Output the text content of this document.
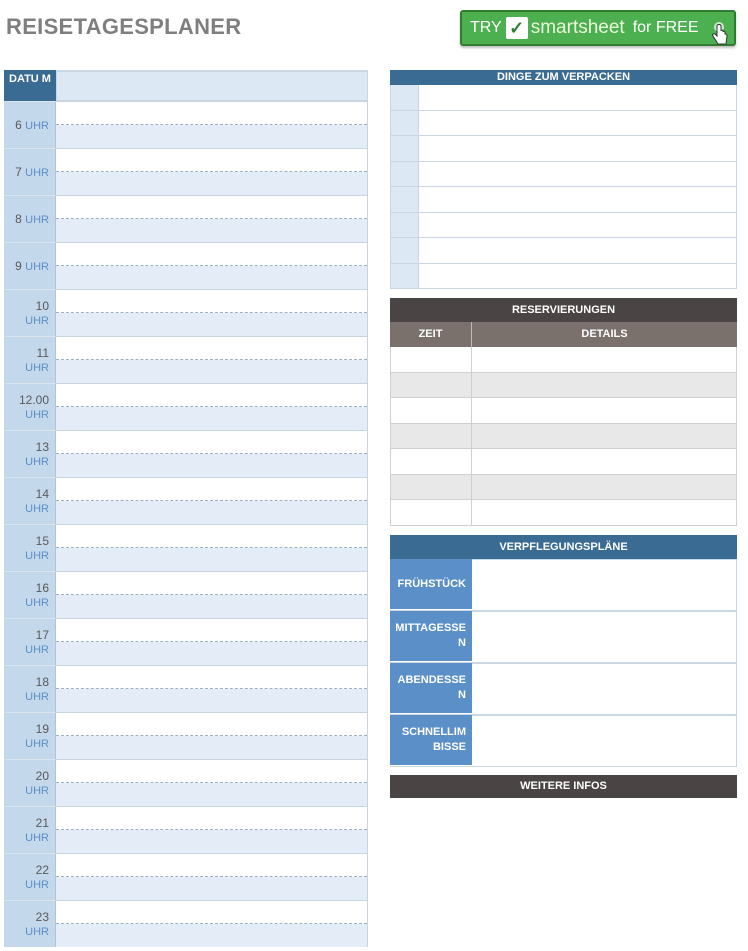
REISETAGESPLANER	TRY ✓ smartsheet for FREE
DATU M
6 UHR
7 UHR
8 UHR
9 UHR
10
UHR
11
UHR
12.00
UHR
13
UHR
14
UHR
15
UHR
16
UHR
17
UHR
18
UHR
19
UHR
20
UHR
21
UHR
22
UHR
23
UHR
DINGE ZUM VERPACKEN
RESERVIERUNGEN
ZEIT	DETAILS
VERPFLEGUNGSPLÄNE
FRÜHSTÜCK
MITTAGESSE N
ABENDESSE N
SCHNELLIM BISSE
WEITERE INFOS
